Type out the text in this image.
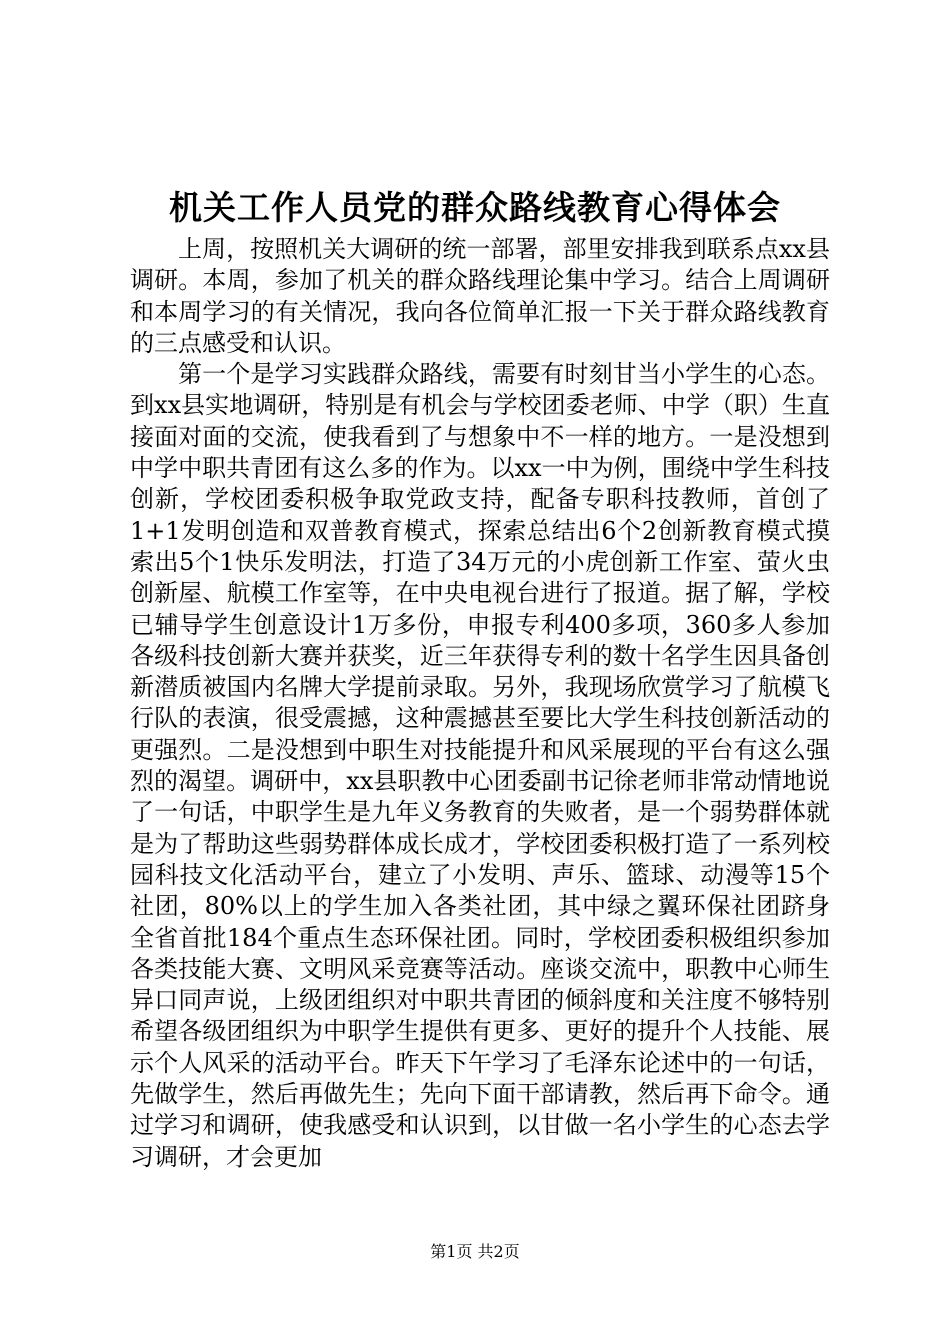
机关工作人员党的群众路线教育心得体会

上周，按照机关大调研的统一部署，部里安排我到联系点xx县调研。本周，参加了机关的群众路线理论集中学习。结合上周调研和本周学习的有关情况，我向各位简单汇报一下关于群众路线教育的三点感受和认识。

第一个是学习实践群众路线，需要有时刻甘当小学生的心态。到xx县实地调研，特别是有机会与学校团委老师、中学（职）生直接面对面的交流，使我看到了与想象中不一样的地方。一是没想到中学中职共青团有这么多的作为。以xx一中为例，围绕中学生科技创新，学校团委积极争取党政支持，配备专职科技教师，首创了1+1发明创造和双普教育模式，探索总结出6个2创新教育模式摸索出5个1快乐发明法，打造了34万元的小虎创新工作室、萤火虫创新屋、航模工作室等，在中央电视台进行了报道。据了解，学校已辅导学生创意设计1万多份，申报专利400多项，360多人参加各级科技创新大赛并获奖，近三年获得专利的数十名学生因具备创新潜质被国内名牌大学提前录取。另外，我现场欣赏学习了航模飞行队的表演，很受震撼，这种震撼甚至要比大学生科技创新活动的更强烈。二是没想到中职生对技能提升和风采展现的平台有这么强烈的渴望。调研中，xx县职教中心团委副书记徐老师非常动情地说了一句话，中职学生是九年义务教育的失败者，是一个弱势群体就是为了帮助这些弱势群体成长成才，学校团委积极打造了一系列校园科技文化活动平台，建立了小发明、声乐、篮球、动漫等15个社团，80%以上的学生加入各类社团，其中绿之翼环保社团跻身全省首批184个重点生态环保社团。同时，学校团委积极组织参加各类技能大赛、文明风采竞赛等活动。座谈交流中，职教中心师生异口同声说，上级团组织对中职共青团的倾斜度和关注度不够特别希望各级团组织为中职学生提供有更多、更好的提升个人技能、展示个人风采的活动平台。昨天下午学习了毛泽东论述中的一句话，先做学生，然后再做先生；先向下面干部请教，然后再下命令。通过学习和调研，使我感受和认识到，以甘做一名小学生的心态去学习调研，才会更加

第1页 共2页
